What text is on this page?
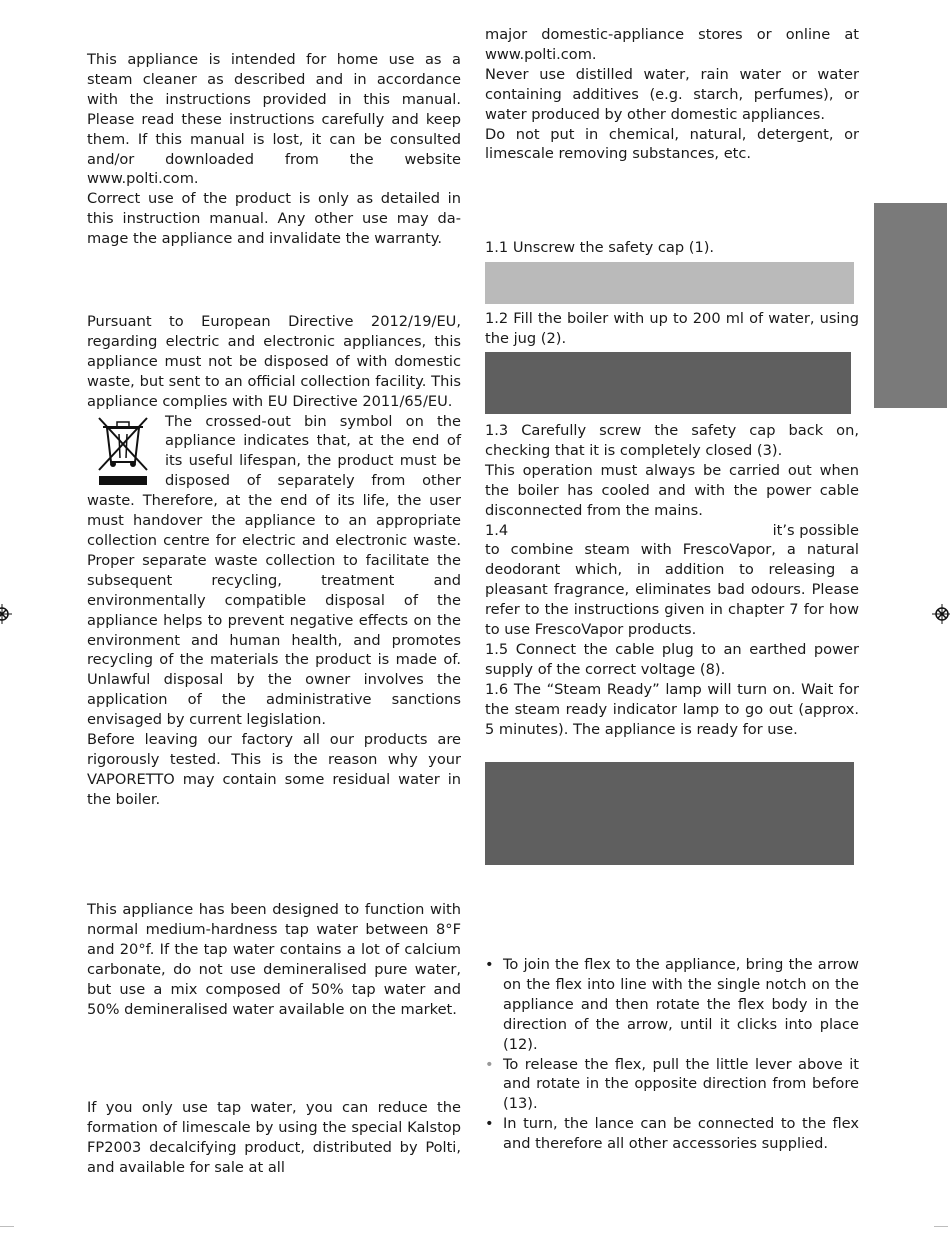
This appliance is intended for home use as a steam cleaner as described and in accordance with the instructions provided in this manual. Please read these instructions carefully and keep them. If this manual is lost, it can be consulted and/or downloaded from the website www.polti.com.

Correct use of the product is only as detailed in this instruction manual. Any other use may damage the appliance and invalidate the warranty.

Pursuant to European Directive 2012/19/EU, regarding electric and electronic appliances, this appliance must not be disposed of with domestic waste, but sent to an official collection facility. This appliance complies with EU Directive 2011/65/EU.

The crossed-out bin symbol on the appliance indicates that, at the end of its useful lifespan, the product must be disposed of separately from other waste. Therefore, at the end of its life, the user must handover the appliance to an appropriate collection centre for electric and electronic waste. Proper separate waste collection to facilitate the subsequent recycling, treatment and environmentally compatible disposal of the appliance helps to prevent negative effects on the environment and human health, and promotes recycling of the materials the product is made of. Unlawful disposal by the owner involves the application of the administrative sanctions envisaged by current legislation.

Before leaving our factory all our products are rigorously tested. This is the reason why your VAPORETTO may contain some residual water in the boiler.

This appliance has been designed to function with normal medium-hardness tap water between 8°F and 20°f. If the tap water contains a lot of calcium carbonate, do not use demineralised pure water, but use a mix composed of 50% tap water and 50% demineralised water available on the market.

If you only use tap water, you can reduce the formation of limescale by using the special Kalstop FP2003 decalcifying product, distributed by Polti, and available for sale at all

major domestic-appliance stores or online at www.polti.com.

Never use distilled water, rain water or water containing additives (e.g. starch, perfumes), or water produced by other domestic appliances.

Do not put in chemical, natural, detergent, or limescale removing substances, etc.

1.1 Unscrew the safety cap (1).

1.2 Fill the boiler with up to 200 ml of water, using the jug (2).

1.3 Carefully screw the safety cap back on, checking that it is completely closed (3).

This operation must always be carried out when the boiler has cooled and with the power cable disconnected from the mains.

1.4	it’s possible

to combine steam with FrescoVapor, a natural deodorant which, in addition to releasing a pleasant fragrance, eliminates bad odours. Please refer to the instructions given in chapter 7 for how to use FrescoVapor products.

1.5 Connect the cable plug to an earthed power supply of the correct voltage (8).

1.6 The “Steam Ready” lamp will turn on. Wait for the steam ready indicator lamp to go out (approx. 5 minutes). The appliance is ready for use.

• To join the flex to the appliance, bring the arrow on the flex into line with the single notch on the appliance and then rotate the flex body in the direction of the arrow, until it clicks into place (12).
• To release the flex, pull the little lever above it and rotate in the opposite direction from before (13).
• In turn, the lance can be connected to the flex and therefore all other accessories supplied.
